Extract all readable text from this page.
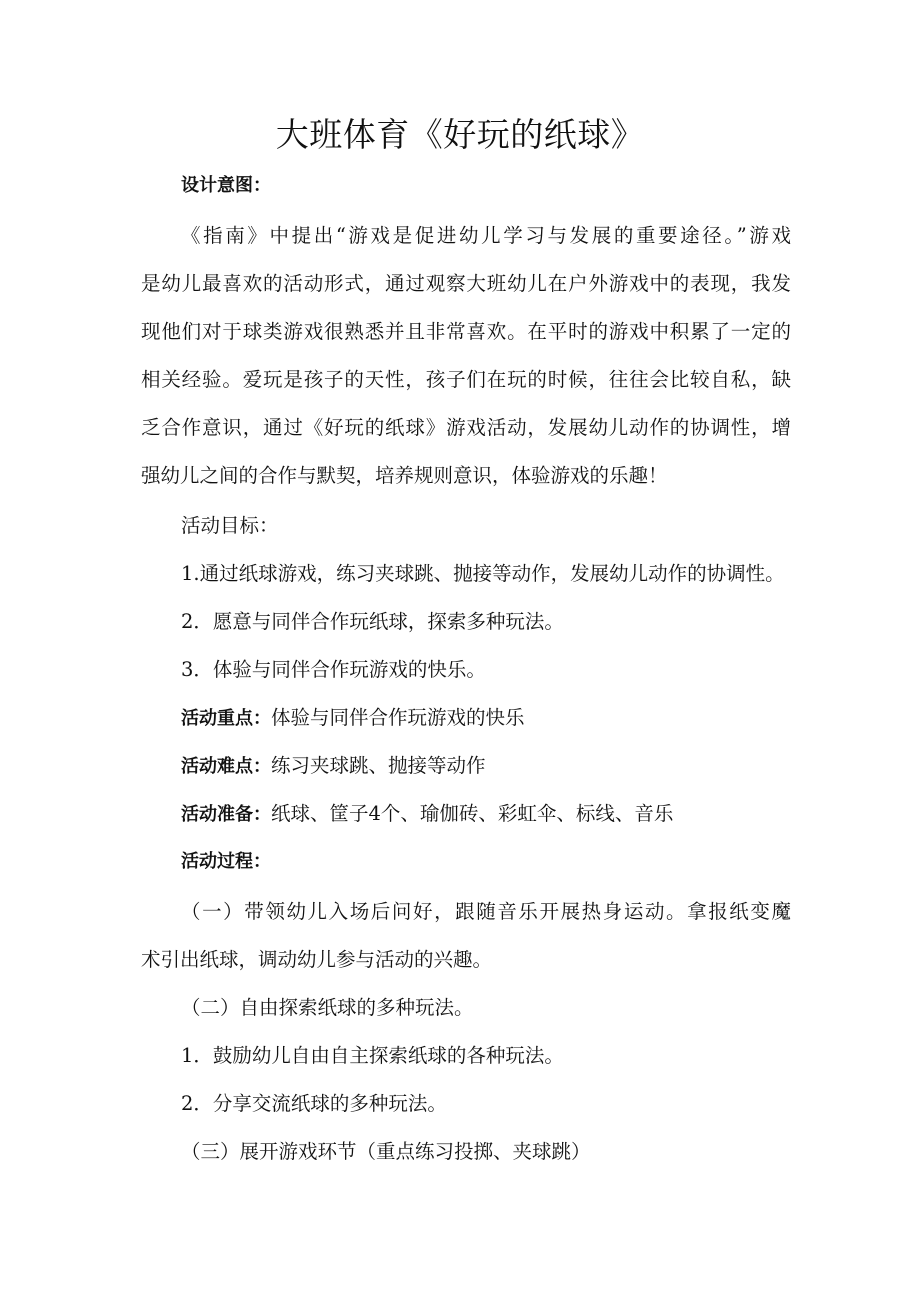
大班体育《好玩的纸球》
设计意图：
《指南》中提出“游戏是促进幼儿学习与发展的重要途径。”游戏
是幼儿最喜欢的活动形式，通过观察大班幼儿在户外游戏中的表现，我发
现他们对于球类游戏很熟悉并且非常喜欢。在平时的游戏中积累了一定的
相关经验。爱玩是孩子的天性，孩子们在玩的时候，往往会比较自私，缺
乏合作意识，通过《好玩的纸球》游戏活动，发展幼儿动作的协调性，增
强幼儿之间的合作与默契，培养规则意识，体验游戏的乐趣！
活动目标：
1.通过纸球游戏，练习夹球跳、抛接等动作，发展幼儿动作的协调性。
2．愿意与同伴合作玩纸球，探索多种玩法。
3．体验与同伴合作玩游戏的快乐。
活动重点：体验与同伴合作玩游戏的快乐
活动难点：练习夹球跳、抛接等动作
活动准备：纸球、筐子4个、瑜伽砖、彩虹伞、标线、音乐
活动过程：
（一）带领幼儿入场后问好，跟随音乐开展热身运动。拿报纸变魔
术引出纸球，调动幼儿参与活动的兴趣。
（二）自由探索纸球的多种玩法。
1．鼓励幼儿自由自主探索纸球的各种玩法。
2．分享交流纸球的多种玩法。
（三）展开游戏环节（重点练习投掷、夹球跳）
